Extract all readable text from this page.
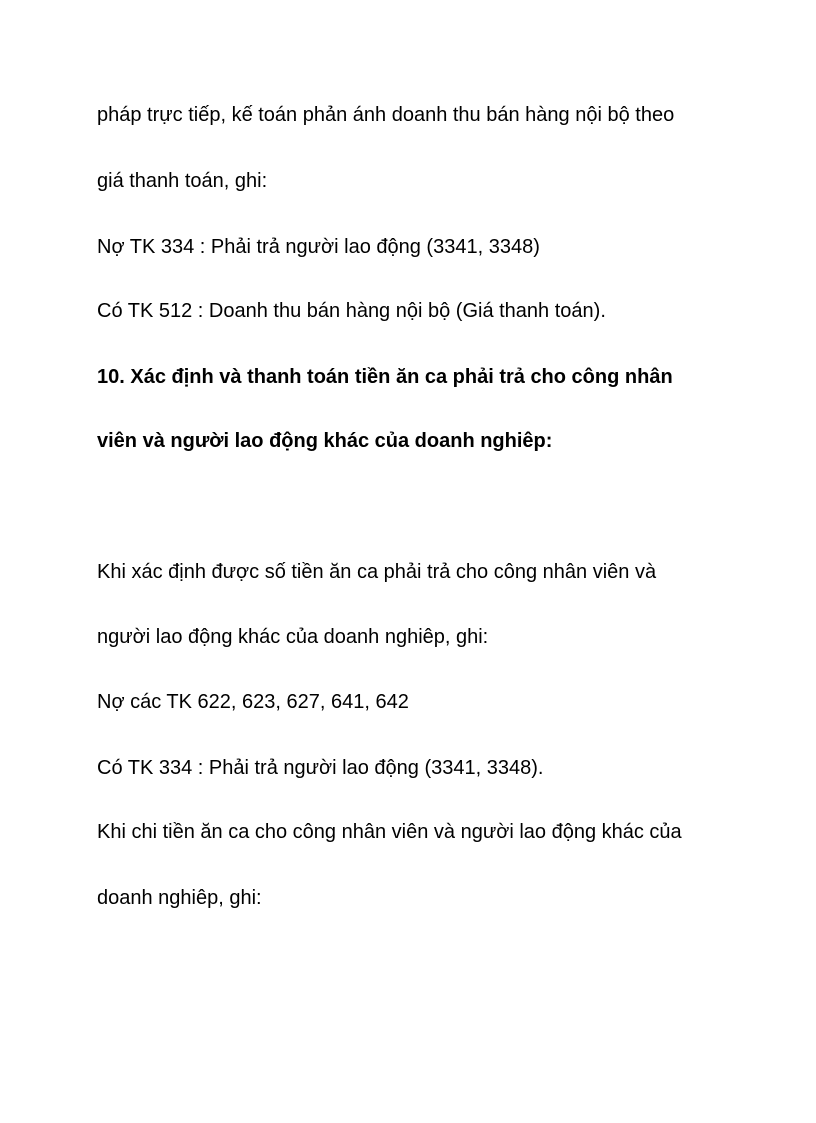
pháp trực tiếp, kế toán phản ánh doanh thu bán hàng nội bộ theo
giá thanh toán, ghi:
Nợ TK 334 : Phải trả người lao động (3341, 3348)
Có TK 512 : Doanh thu bán hàng nội bộ (Giá thanh toán).
10. Xác định và thanh toán tiền ăn ca phải trả cho công nhân
viên và người lao động khác của doanh nghiêp:
Khi xác định được số tiền ăn ca phải trả cho công nhân viên và
người lao động khác của doanh nghiêp, ghi:
Nợ các TK 622, 623, 627, 641, 642
Có TK 334 : Phải trả người lao động (3341, 3348).
Khi chi tiền ăn ca cho công nhân viên và người lao động khác của
doanh nghiêp, ghi:
